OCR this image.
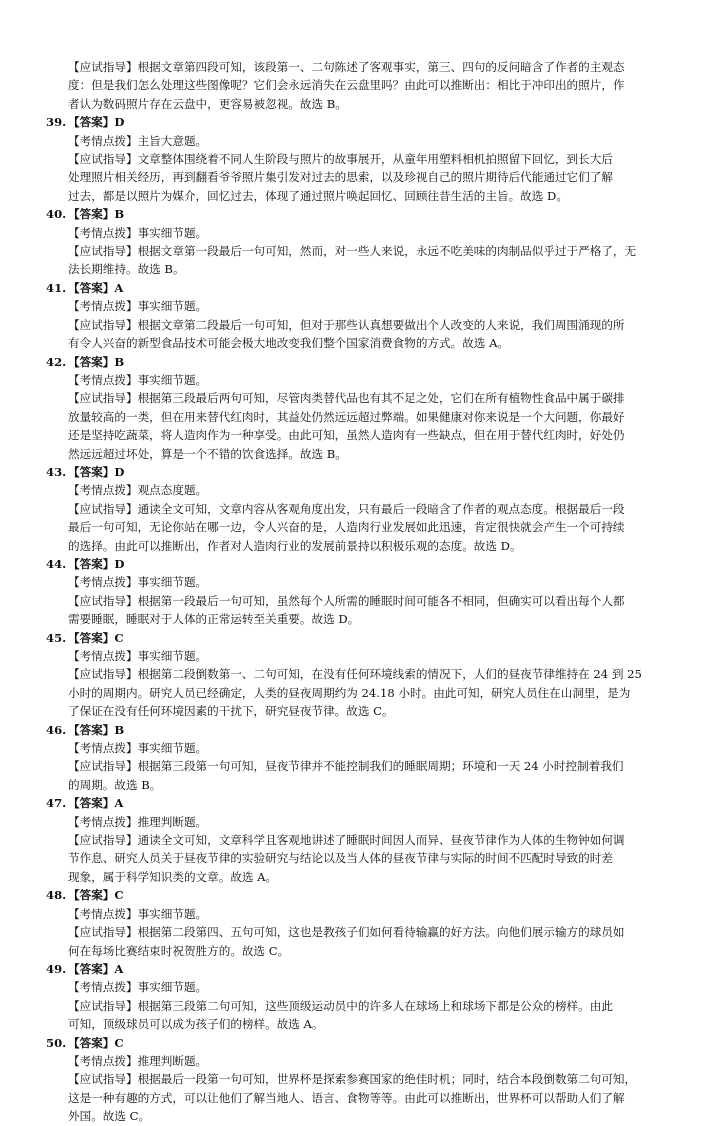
【应试指导】根据文章第四段可知，该段第一、二句陈述了客观事实，第三、四句的反问暗含了作者的主观态

度：但是我们怎么处理这些图像呢？它们会永远消失在云盘里吗？由此可以推断出：相比于冲印出的照片，作

者认为数码照片存在云盘中，更容易被忽视。故选 B。

39. 【答案】D

【考情点拨】主旨大意题。

【应试指导】文章整体围绕着不同人生阶段与照片的故事展开，从童年用塑料相机拍照留下回忆，到长大后

处理照片相关经历，再到翻看爷爷照片集引发对过去的思索，以及珍视自己的照片期待后代能通过它们了解

过去，都是以照片为媒介，回忆过去，体现了通过照片唤起回忆、回顾往昔生活的主旨。故选 D。

40. 【答案】B

【考情点拨】事实细节题。

【应试指导】根据文章第一段最后一句可知，然而，对一些人来说，永远不吃美味的肉制品似乎过于严格了，无

法长期维持。故选 B。

41. 【答案】A

【考情点拨】事实细节题。

【应试指导】根据文章第二段最后一句可知，但对于那些认真想要做出个人改变的人来说，我们周围涌现的所

有令人兴奋的新型食品技术可能会极大地改变我们整个国家消费食物的方式。故选 A。

42. 【答案】B

【考情点拨】事实细节题。

【应试指导】根据第三段最后两句可知，尽管肉类替代品也有其不足之处，它们在所有植物性食品中属于碳排

放量较高的一类，但在用来替代红肉时，其益处仍然远远超过弊端。如果健康对你来说是一个大问题，你最好

还是坚持吃蔬菜，将人造肉作为一种享受。由此可知，虽然人造肉有一些缺点，但在用于替代红肉时，好处仍

然远远超过坏处，算是一个不错的饮食选择。故选 B。

43. 【答案】D

【考情点拨】观点态度题。

【应试指导】通读全文可知，文章内容从客观角度出发，只有最后一段暗含了作者的观点态度。根据最后一段

最后一句可知，无论你站在哪一边，令人兴奋的是，人造肉行业发展如此迅速，肯定很快就会产生一个可持续

的选择。由此可以推断出，作者对人造肉行业的发展前景持以积极乐观的态度。故选 D。

44. 【答案】D

【考情点拨】事实细节题。

【应试指导】根据第一段最后一句可知，虽然每个人所需的睡眠时间可能各不相同，但确实可以看出每个人都

需要睡眠，睡眠对于人体的正常运转至关重要。故选 D。

45. 【答案】C

【考情点拨】事实细节题。

【应试指导】根据第二段倒数第一、二句可知，在没有任何环境线索的情况下，人们的昼夜节律维持在 24 到 25

小时的周期内。研究人员已经确定，人类的昼夜周期约为 24.18 小时。由此可知，研究人员住在山洞里，是为

了保证在没有任何环境因素的干扰下，研究昼夜节律。故选 C。

46. 【答案】B

【考情点拨】事实细节题。

【应试指导】根据第三段第一句可知，昼夜节律并不能控制我们的睡眠周期；环境和一天 24 小时控制着我们

的周期。故选 B。

47. 【答案】A

【考情点拨】推理判断题。

【应试指导】通读全文可知，文章科学且客观地讲述了睡眠时间因人而异、昼夜节律作为人体的生物钟如何调

节作息、研究人员关于昼夜节律的实验研究与结论以及当人体的昼夜节律与实际的时间不匹配时导致的时差

现象，属于科学知识类的文章。故选 A。

48. 【答案】C

【考情点拨】事实细节题。

【应试指导】根据第二段第四、五句可知，这也是教孩子们如何看待输赢的好方法。向他们展示输方的球员如

何在每场比赛结束时祝贺胜方的。故选 C。

49. 【答案】A

【考情点拨】事实细节题。

【应试指导】根据第三段第二句可知，这些顶级运动员中的许多人在球场上和球场下都是公众的榜样。由此

可知，顶级球员可以成为孩子们的榜样。故选 A。

50. 【答案】C

【考情点拨】推理判断题。

【应试指导】根据最后一段第一句可知，世界杯是探索参赛国家的绝佳时机；同时，结合本段倒数第二句可知，

这是一种有趣的方式，可以让他们了解当地人、语言、食物等等。由此可以推断出，世界杯可以帮助人们了解

外国。故选 C。
